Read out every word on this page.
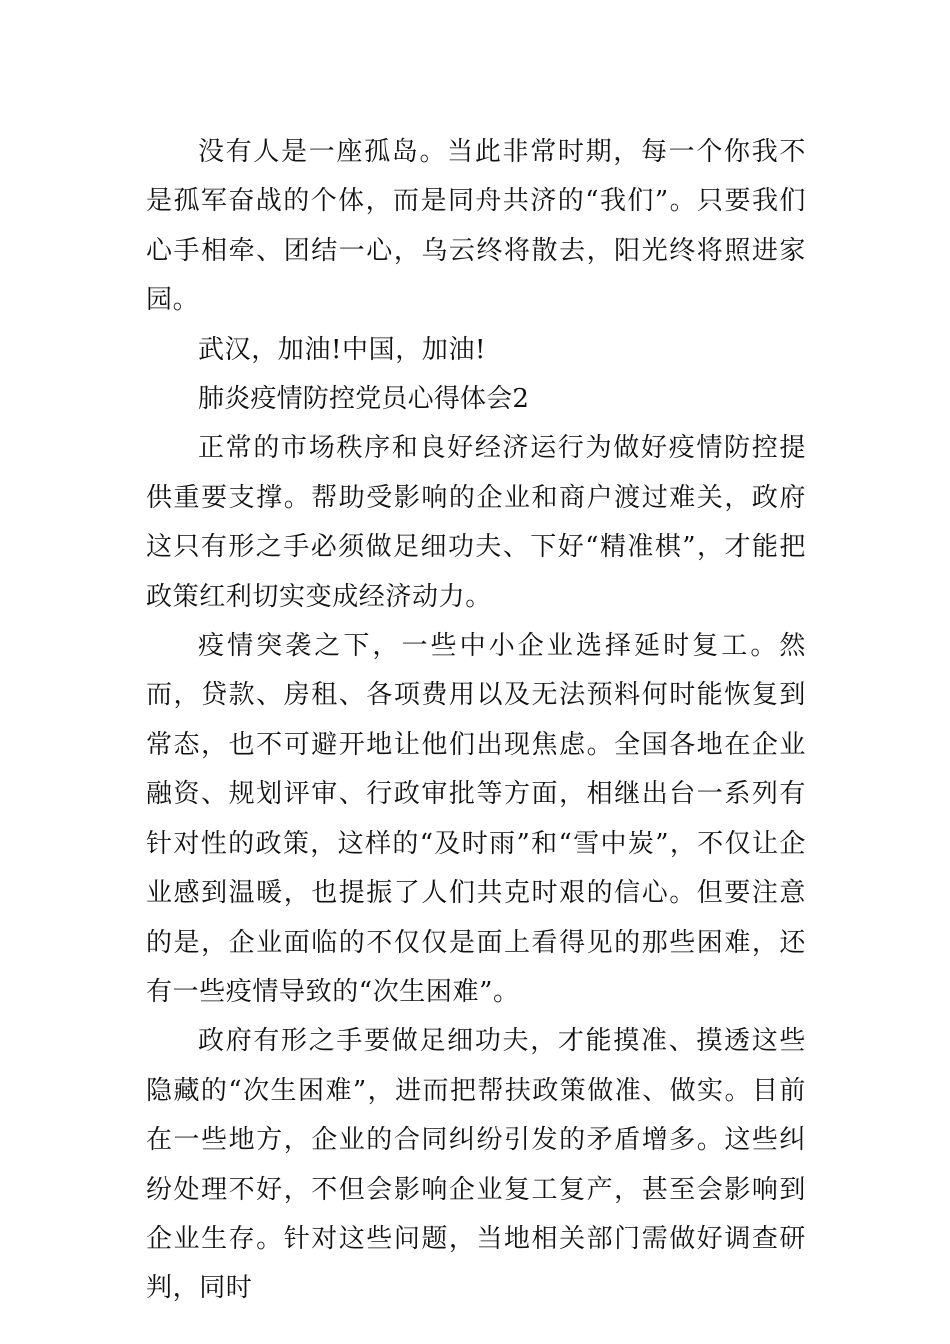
没有人是一座孤岛。当此非常时期，每一个你我不是孤军奋战的个体，而是同舟共济的“我们”。只要我们心手相牵、团结一心，乌云终将散去，阳光终将照进家园。

武汉，加油!中国，加油!

肺炎疫情防控党员心得体会2

正常的市场秩序和良好经济运行为做好疫情防控提供重要支撑。帮助受影响的企业和商户渡过难关，政府这只有形之手必须做足细功夫、下好“精准棋”，才能把政策红利切实变成经济动力。

疫情突袭之下，一些中小企业选择延时复工。然而，贷款、房租、各项费用以及无法预料何时能恢复到常态，也不可避开地让他们出现焦虑。全国各地在企业融资、规划评审、行政审批等方面，相继出台一系列有针对性的政策，这样的“及时雨”和“雪中炭”，不仅让企业感到温暖，也提振了人们共克时艰的信心。但要注意的是，企业面临的不仅仅是面上看得见的那些困难，还有一些疫情导致的“次生困难”。

政府有形之手要做足细功夫，才能摸准、摸透这些隐藏的“次生困难”，进而把帮扶政策做准、做实。目前在一些地方，企业的合同纠纷引发的矛盾增多。这些纠纷处理不好，不但会影响企业复工复产，甚至会影响到企业生存。针对这些问题，当地相关部门需做好调查研判，同时
